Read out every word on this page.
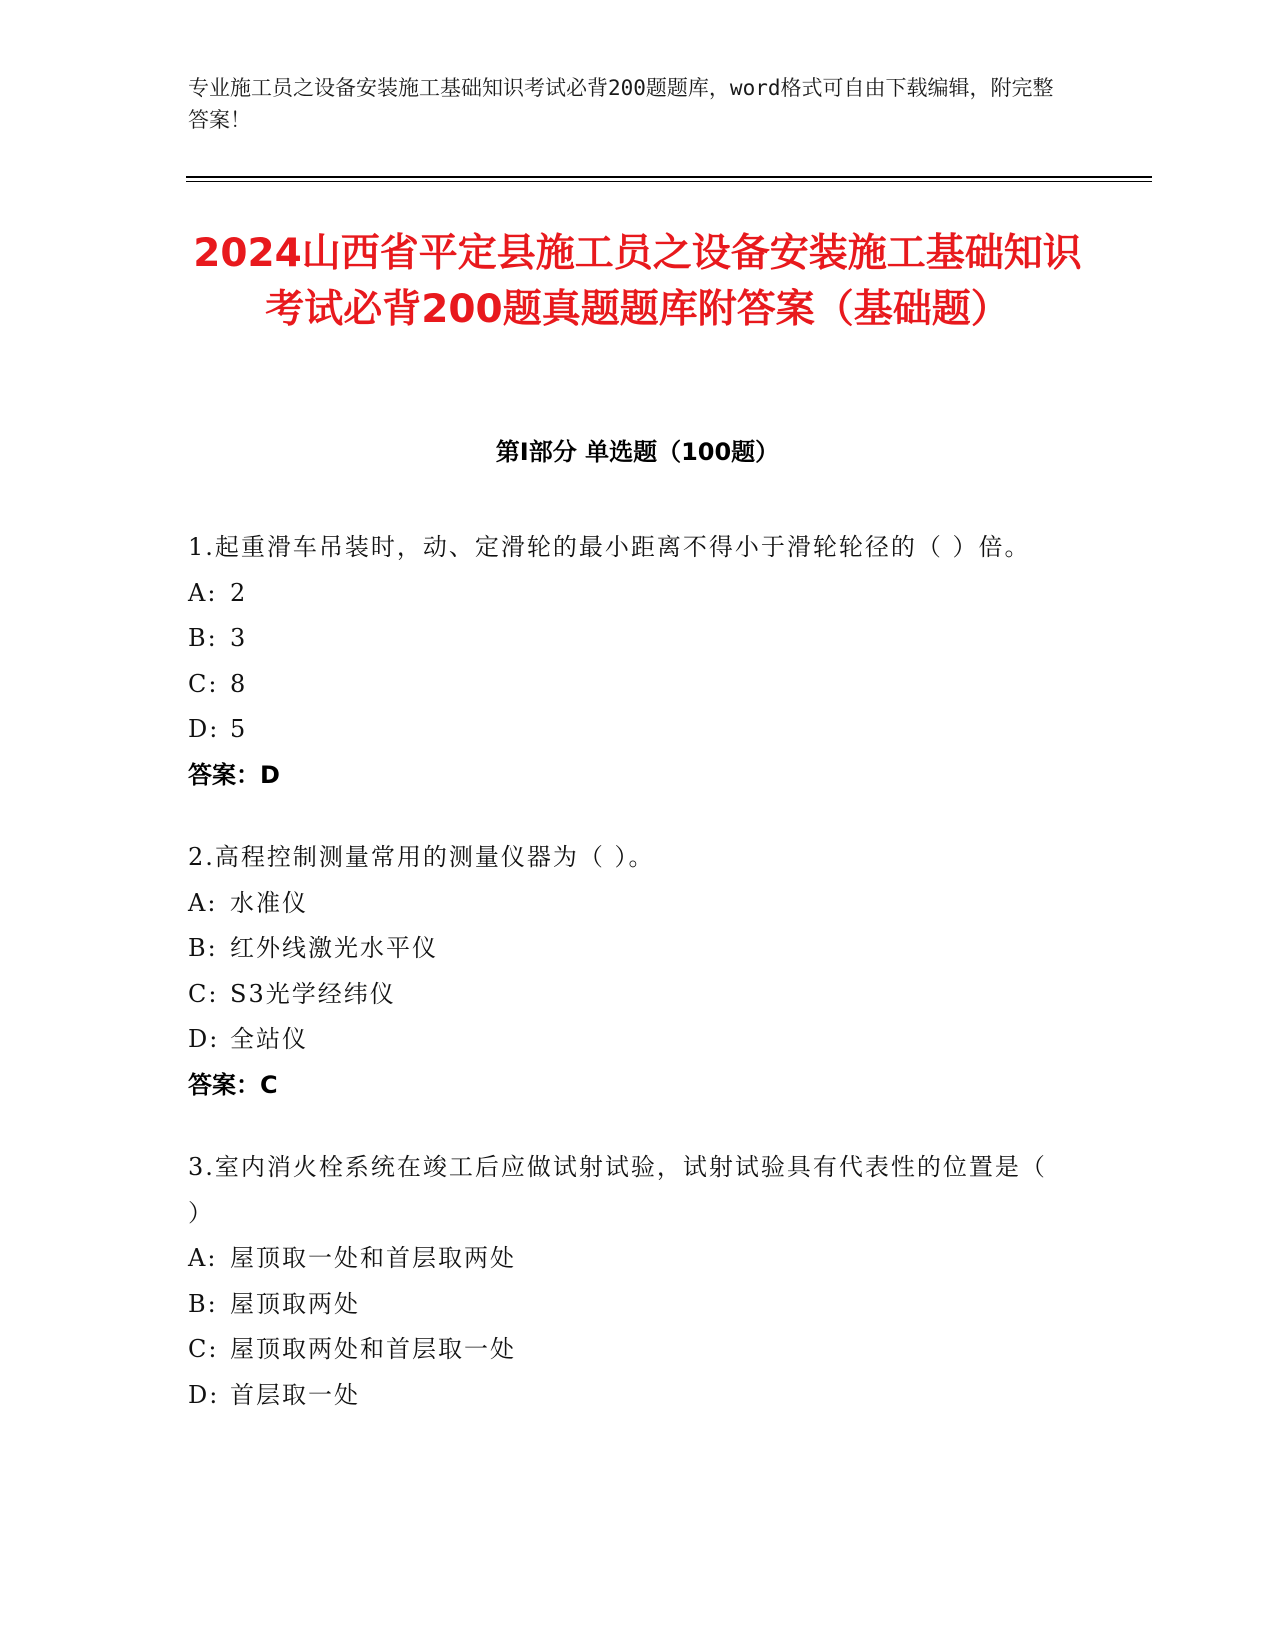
专业施工员之设备安装施工基础知识考试必背200题题库，word格式可自由下载编辑，附完整答案！
2024山西省平定县施工员之设备安装施工基础知识考试必背200题真题题库附答案（基础题）
第I部分 单选题（100题）
1.起重滑车吊装时，动、定滑轮的最小距离不得小于滑轮轮径的（ ）倍。
A: 2
B: 3
C: 8
D: 5
答案：D
2.高程控制测量常用的测量仪器为（ ）。
A: 水准仪
B: 红外线激光水平仪
C: S3光学经纬仪
D: 全站仪
答案：C
3.室内消火栓系统在竣工后应做试射试验，试射试验具有代表性的位置是（ ）
A: 屋顶取一处和首层取两处
B: 屋顶取两处
C: 屋顶取两处和首层取一处
D: 首层取一处
